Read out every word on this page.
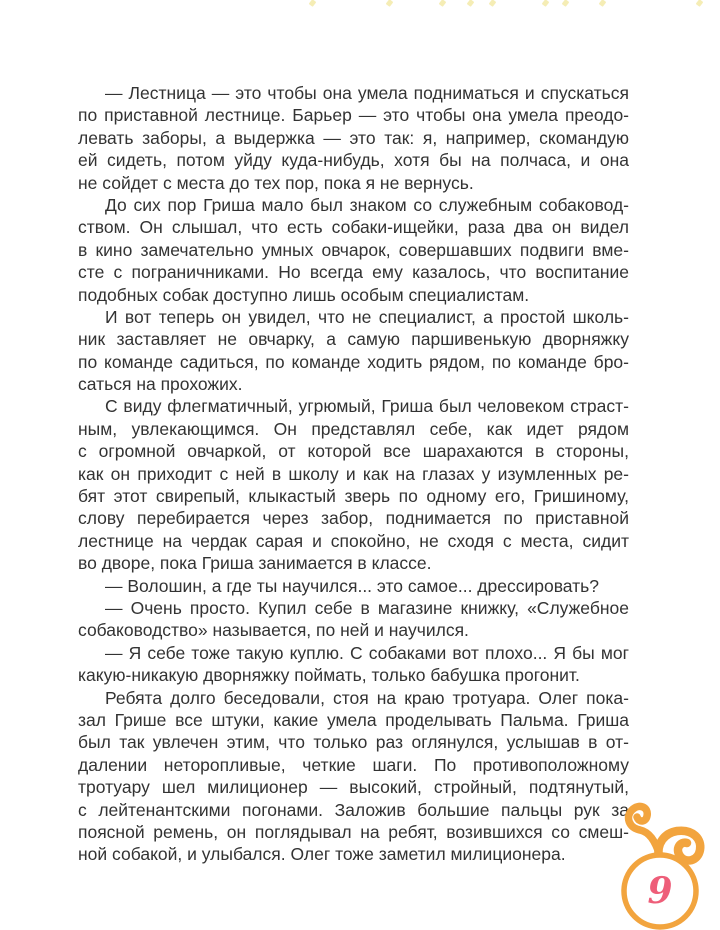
— Лестница — это чтобы она умела подниматься и спускаться
по приставной лестнице. Барьер — это чтобы она умела преодо-
левать заборы, а выдержка — это так: я, например, скомандую
ей сидеть, потом уйду куда-нибудь, хотя бы на полчаса, и она
не сойдет с места до тех пор, пока я не вернусь.
До сих пор Гриша мало был знаком со служебным собаковод-
ством. Он слышал, что есть собаки-ищейки, раза два он видел
в кино замечательно умных овчарок, совершавших подвиги вме-
сте с пограничниками. Но всегда ему казалось, что воспитание
подобных собак доступно лишь особым специалистам.
И вот теперь он увидел, что не специалист, а простой школь-
ник заставляет не овчарку, а самую паршивенькую дворняжку
по команде садиться, по команде ходить рядом, по команде бро-
саться на прохожих.
С виду флегматичный, угрюмый, Гриша был человеком страст-
ным, увлекающимся. Он представлял себе, как идет рядом
с огромной овчаркой, от которой все шарахаются в стороны,
как он приходит с ней в школу и как на глазах у изумленных ре-
бят этот свирепый, клыкастый зверь по одному его, Гришиному,
слову перебирается через забор, поднимается по приставной
лестнице на чердак сарая и спокойно, не сходя с места, сидит
во дворе, пока Гриша занимается в классе.
— Волошин, а где ты научился... это самое... дрессировать?
— Очень просто. Купил себе в магазине книжку, «Служебное
собаководство» называется, по ней и научился.
— Я себе тоже такую куплю. С собаками вот плохо... Я бы мог
какую-никакую дворняжку поймать, только бабушка прогонит.
Ребята долго беседовали, стоя на краю тротуара. Олег пока-
зал Грише все штуки, какие умела проделывать Пальма. Гриша
был так увлечен этим, что только раз оглянулся, услышав в от-
далении неторопливые, четкие шаги. По противоположному
тротуару шел милиционер — высокий, стройный, подтянутый,
с лейтенантскими погонами. Заложив большие пальцы рук за
поясной ремень, он поглядывал на ребят, возившихся со смеш-
ной собакой, и улыбался. Олег тоже заметил милиционера.
9
